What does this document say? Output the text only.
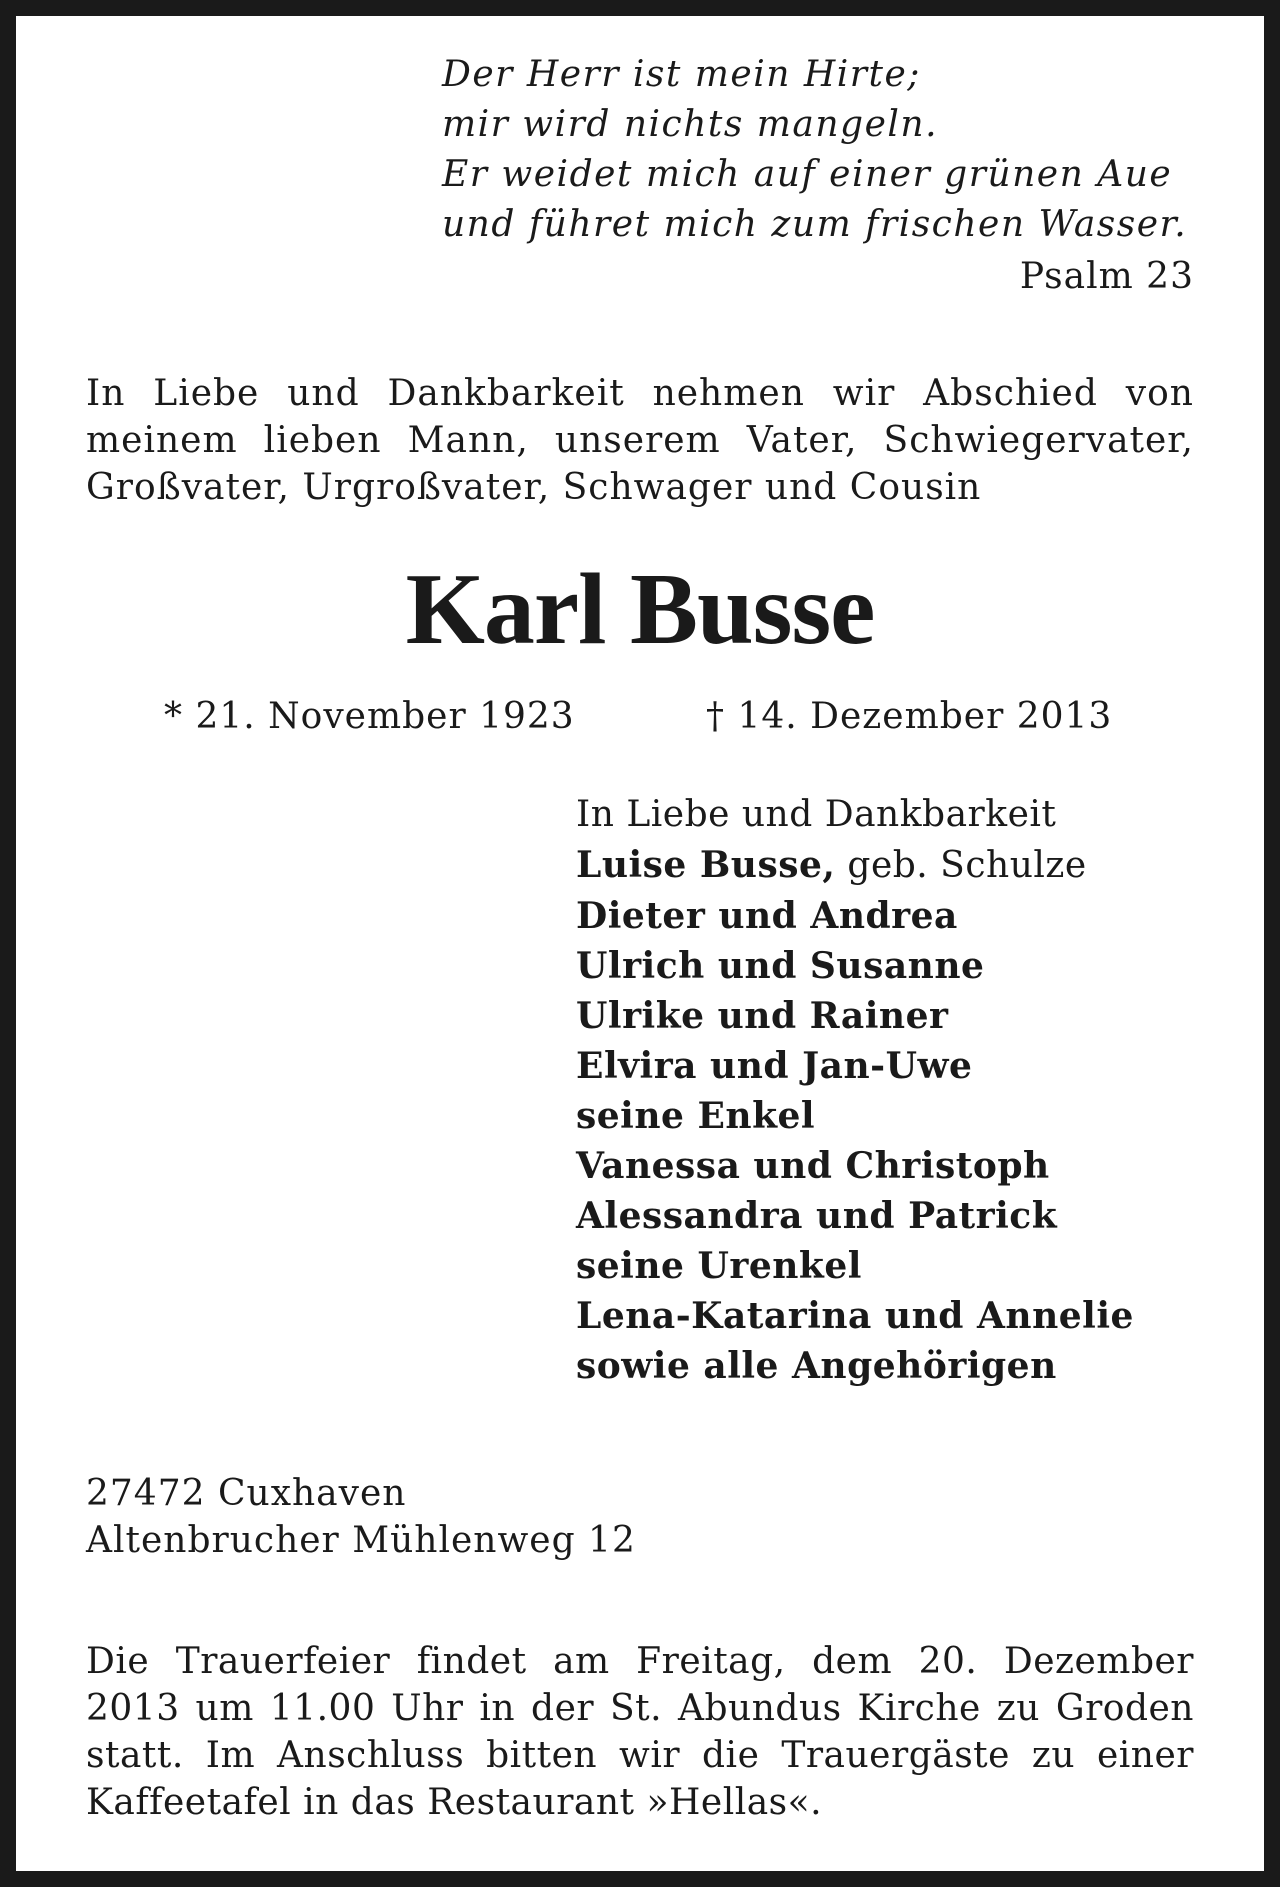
Der Herr ist mein Hirte;
mir wird nichts mangeln.
Er weidet mich auf einer grünen Aue
und führet mich zum frischen Wasser.
Psalm 23
In Liebe und Dankbarkeit nehmen wir Abschied von
meinem lieben Mann, unserem Vater, Schwiegervater,
Großvater, Urgroßvater, Schwager und Cousin
Karl Busse
* 21. November 1923	† 14. Dezember 2013
In Liebe und Dankbarkeit
Luise Busse, geb. Schulze
Dieter und Andrea
Ulrich und Susanne
Ulrike und Rainer
Elvira und Jan-Uwe
seine Enkel
Vanessa und Christoph
Alessandra und Patrick
seine Urenkel
Lena-Katarina und Annelie
sowie alle Angehörigen
27472 Cuxhaven
Altenbrucher Mühlenweg 12
Die Trauerfeier findet am Freitag, dem 20. Dezember
2013 um 11.00 Uhr in der St. Abundus Kirche zu Groden
statt. Im Anschluss bitten wir die Trauergäste zu einer
Kaffeetafel in das Restaurant »Hellas«.
